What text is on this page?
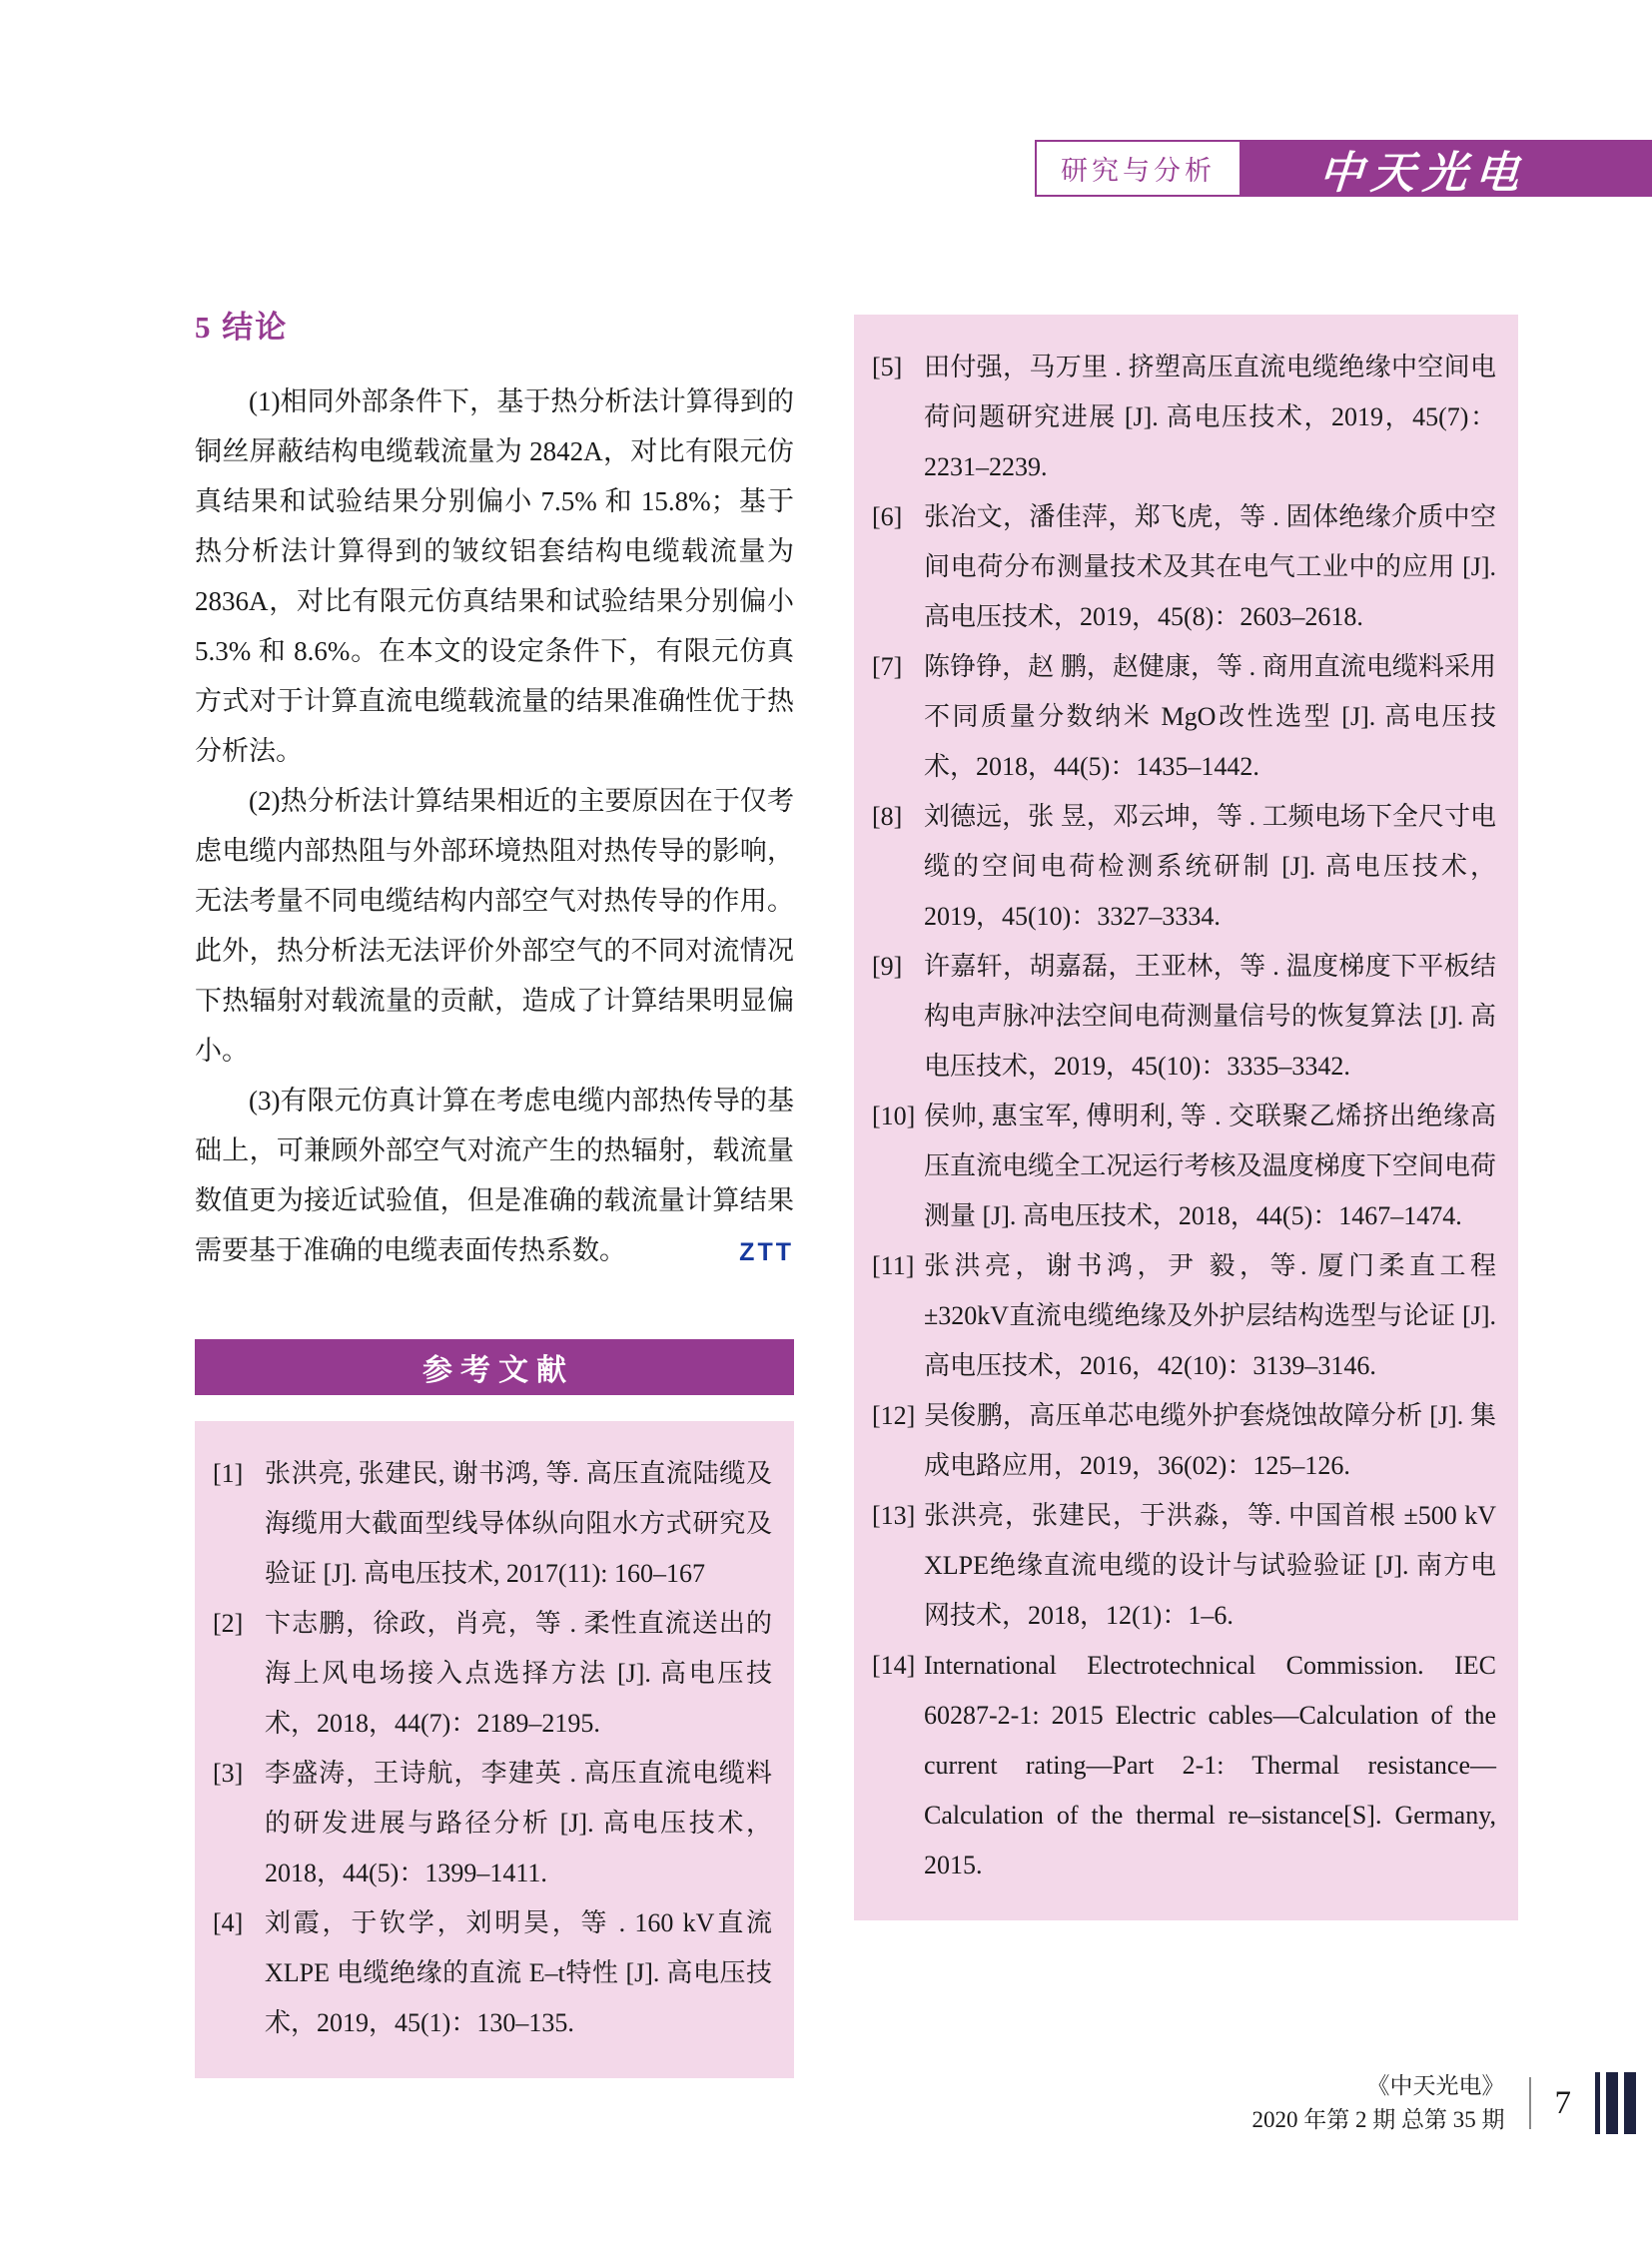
研究与分析	中天光电
5 结论

(1)相同外部条件下，基于热分析法计算得到的铜丝屏蔽结构电缆载流量为 2842A，对比有限元仿真结果和试验结果分别偏小 7.5% 和 15.8%；基于热分析法计算得到的皱纹铝套结构电缆载流量为 2836A，对比有限元仿真结果和试验结果分别偏小 5.3% 和 8.6%。在本文的设定条件下，有限元仿真方式对于计算直流电缆载流量的结果准确性优于热分析法。

(2)热分析法计算结果相近的主要原因在于仅考虑电缆内部热阻与外部环境热阻对热传导的影响，无法考量不同电缆结构内部空气对热传导的作用。此外，热分析法无法评价外部空气的不同对流情况下热辐射对载流量的贡献，造成了计算结果明显偏小。

(3)有限元仿真计算在考虑电缆内部热传导的基础上，可兼顾外部空气对流产生的热辐射，载流量数值更为接近试验值，但是准确的载流量计算结果需要基于准确的电缆表面传热系数。	ZTT
参考文献
[1] 张洪亮, 张建民, 谢书鸿, 等. 高压直流陆缆及海缆用大截面型线导体纵向阻水方式研究及验证 [J]. 高电压技术, 2017(11): 160–167
[2] 卞志鹏，徐政，肖亮，等 . 柔性直流送出的海上风电场接入点选择方法 [J]. 高电压技术，2018，44(7)：2189–2195.
[3] 李盛涛，王诗航，李建英 . 高压直流电缆料的研发进展与路径分析 [J]. 高电压技术，2018，44(5)：1399–1411.
[4] 刘霞，于钦学，刘明昊，等 . 160 kV直流 XLPE 电缆绝缘的直流 E–t特性 [J]. 高电压技术，2019，45(1)：130–135.
[5] 田付强，马万里 . 挤塑高压直流电缆绝缘中空间电荷问题研究进展 [J]. 高电压技术，2019，45(7)：2231–2239.
[6] 张冶文，潘佳萍，郑飞虎，等 . 固体绝缘介质中空间电荷分布测量技术及其在电气工业中的应用 [J]. 高电压技术，2019，45(8)：2603–2618.
[7] 陈铮铮，赵 鹏，赵健康，等 . 商用直流电缆料采用不同质量分数纳米 MgO改性选型 [J]. 高电压技术，2018，44(5)：1435–1442.
[8] 刘德远，张 昱，邓云坤，等 . 工频电场下全尺寸电缆的空间电荷检测系统研制 [J]. 高电压技术，2019，45(10)：3327–3334.
[9] 许嘉轩，胡嘉磊，王亚林，等 . 温度梯度下平板结构电声脉冲法空间电荷测量信号的恢复算法 [J]. 高电压技术，2019，45(10)：3335–3342.
[10] 侯帅, 惠宝军, 傅明利, 等 . 交联聚乙烯挤出绝缘高压直流电缆全工况运行考核及温度梯度下空间电荷测量 [J]. 高电压技术，2018，44(5)：1467–1474.
[11] 张洪亮，谢书鸿，尹 毅，等. 厦门柔直工程 ±320kV直流电缆绝缘及外护层结构选型与论证 [J]. 高电压技术，2016，42(10)：3139–3146.
[12] 吴俊鹏，高压单芯电缆外护套烧蚀故障分析 [J]. 集成电路应用，2019，36(02)：125–126.
[13] 张洪亮，张建民，于洪淼，等. 中国首根 ±500 kV XLPE绝缘直流电缆的设计与试验验证 [J]. 南方电网技术，2018，12(1)：1–6.
[14] International Electrotechnical Commission. IEC 60287-2-1: 2015 Electric cables—Calculation of the current rating—Part 2-1: Thermal resistance—Calculation of the thermal re–sistance[S]. Germany, 2015.
《中天光电》
2020 年第 2 期 总第 35 期 7
